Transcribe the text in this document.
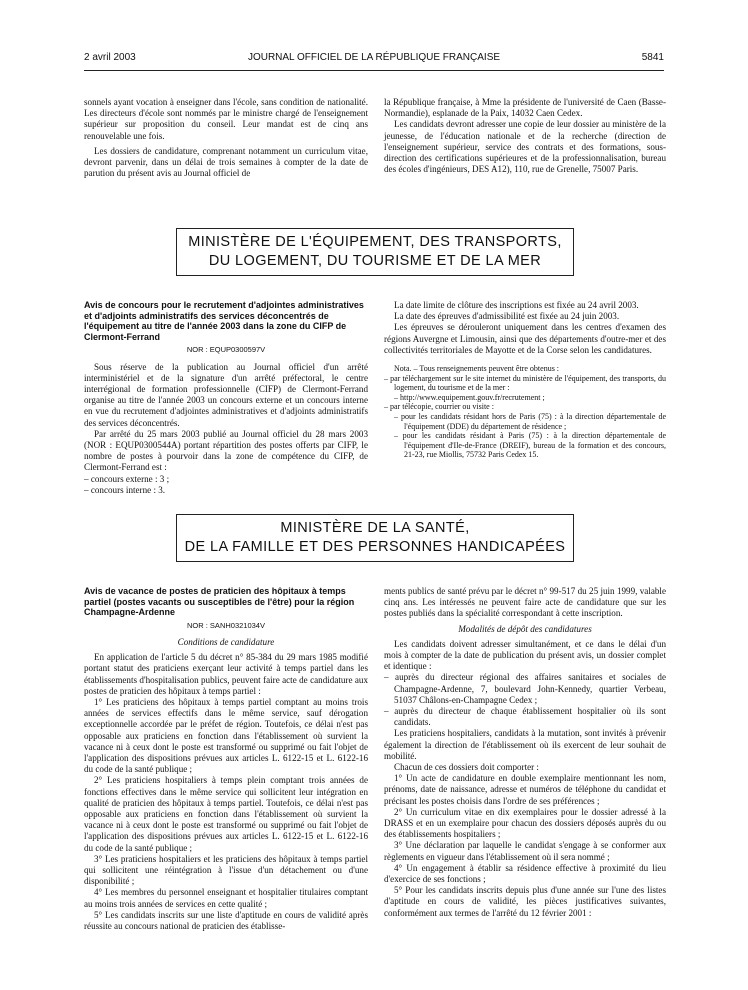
2 avril 2003	JOURNAL OFFICIEL DE LA RÉPUBLIQUE FRANÇAISE	5841

sonnels ayant vocation à enseigner dans l'école, sans condition de nationalité. Les directeurs d'école sont nommés par le ministre chargé de l'enseignement supérieur sur proposition du conseil. Leur mandat est de cinq ans renouvelable une fois.

Les dossiers de candidature, comprenant notamment un curriculum vitae, devront parvenir, dans un délai de trois semaines à compter de la date de parution du présent avis au Journal officiel de

la République française, à Mme la présidente de l'université de Caen (Basse-Normandie), esplanade de la Paix, 14032 Caen Cedex.

Les candidats devront adresser une copie de leur dossier au ministère de la jeunesse, de l'éducation nationale et de la recherche (direction de l'enseignement supérieur, service des contrats et des formations, sous-direction des certifications supérieures et de la professionnalisation, bureau des écoles d'ingénieurs, DES A12), 110, rue de Grenelle, 75007 Paris.

MINISTÈRE DE L'ÉQUIPEMENT, DES TRANSPORTS,
DU LOGEMENT, DU TOURISME ET DE LA MER
Avis de concours pour le recrutement d'adjointes administratives et d'adjoints administratifs des services déconcentrés de l'équipement au titre de l'année 2003 dans la zone du CIFP de Clermont-Ferrand
NOR : EQUP0300597V

Sous réserve de la publication au Journal officiel d'un arrêté interministériel et de la signature d'un arrêté préfectoral, le centre interrégional de formation professionnelle (CIFP) de Clermont-Ferrand organise au titre de l'année 2003 un concours externe et un concours interne en vue du recrutement d'adjointes administratives et d'adjoints administratifs des services déconcentrés.

Par arrêté du 25 mars 2003 publié au Journal officiel du 28 mars 2003 (NOR : EQUP0300544A) portant répartition des postes offerts par CIFP, le nombre de postes à pourvoir dans la zone de compétence du CIFP, de Clermont-Ferrand est :

– concours externe : 3 ;
– concours interne : 3.

La date limite de clôture des inscriptions est fixée au 24 avril 2003.

La date des épreuves d'admissibilité est fixée au 24 juin 2003.

Les épreuves se dérouleront uniquement dans les centres d'examen des régions Auvergne et Limousin, ainsi que des départements d'outre-mer et des collectivités territoriales de Mayotte et de la Corse selon les candidatures.

Nota. – Tous renseignements peuvent être obtenus :

– par téléchargement sur le site internet du ministère de l'équipement, des transports, du logement, du tourisme et de la mer :
– http://www.equipement.gouv.fr/recrutement ;
– par télécopie, courrier ou visite :
– pour les candidats résidant hors de Paris (75) : à la direction départementale de l'équipement (DDE) du département de résidence ;
– pour les candidats résidant à Paris (75) : à la direction départementale de l'équipement d'Ile-de-France (DREIF), bureau de la formation et des concours, 21-23, rue Miollis, 75732 Paris Cedex 15.
MINISTÈRE DE LA SANTÉ,
DE LA FAMILLE ET DES PERSONNES HANDICAPÉES
Avis de vacance de postes de praticien des hôpitaux à temps partiel (postes vacants ou susceptibles de l'être) pour la région Champagne-Ardenne
NOR : SANH0321034V

Conditions de candidature

En application de l'article 5 du décret n° 85-384 du 29 mars 1985 modifié portant statut des praticiens exerçant leur activité à temps partiel dans les établissements d'hospitalisation publics, peuvent faire acte de candidature aux postes de praticien des hôpitaux à temps partiel :

1° Les praticiens des hôpitaux à temps partiel comptant au moins trois années de services effectifs dans le même service, sauf dérogation exceptionnelle accordée par le préfet de région. Toutefois, ce délai n'est pas opposable aux praticiens en fonction dans l'établissement où survient la vacance ni à ceux dont le poste est transformé ou supprimé ou fait l'objet de l'application des dispositions prévues aux articles L. 6122-15 et L. 6122-16 du code de la santé publique ;

2° Les praticiens hospitaliers à temps plein comptant trois années de fonctions effectives dans le même service qui sollicitent leur intégration en qualité de praticien des hôpitaux à temps partiel. Toutefois, ce délai n'est pas opposable aux praticiens en fonction dans l'établissement où survient la vacance ni à ceux dont le poste est transformé ou supprimé ou fait l'objet de l'application des dispositions prévues aux articles L. 6122-15 et L. 6122-16 du code de la santé publique ;

3° Les praticiens hospitaliers et les praticiens des hôpitaux à temps partiel qui sollicitent une réintégration à l'issue d'un détachement ou d'une disponibilité ;

4° Les membres du personnel enseignant et hospitalier titulaires comptant au moins trois années de services en cette qualité ;

5° Les candidats inscrits sur une liste d'aptitude en cours de validité après réussite au concours national de praticien des établisse-

ments publics de santé prévu par le décret n° 99-517 du 25 juin 1999, valable cinq ans. Les intéressés ne peuvent faire acte de candidature que sur les postes publiés dans la spécialité correspondant à cette inscription.

Modalités de dépôt des candidatures

Les candidats doivent adresser simultanément, et ce dans le délai d'un mois à compter de la date de publication du présent avis, un dossier complet et identique :

– auprès du directeur régional des affaires sanitaires et sociales de Champagne-Ardenne, 7, boulevard John-Kennedy, quartier Verbeau, 51037 Châlons-en-Champagne Cedex ;
– auprès du directeur de chaque établissement hospitalier où ils sont candidats.

Les praticiens hospitaliers, candidats à la mutation, sont invités à prévenir également la direction de l'établissement où ils exercent de leur souhait de mobilité.

Chacun de ces dossiers doit comporter :

1° Un acte de candidature en double exemplaire mentionnant les nom, prénoms, date de naissance, adresse et numéros de téléphone du candidat et précisant les postes choisis dans l'ordre de ses préférences ;

2° Un curriculum vitae en dix exemplaires pour le dossier adressé à la DRASS et en un exemplaire pour chacun des dossiers déposés auprès du ou des établissements hospitaliers ;

3° Une déclaration par laquelle le candidat s'engage à se conformer aux règlements en vigueur dans l'établissement où il sera nommé ;

4° Un engagement à établir sa résidence effective à proximité du lieu d'exercice de ses fonctions ;

5° Pour les candidats inscrits depuis plus d'une année sur l'une des listes d'aptitude en cours de validité, les pièces justificatives suivantes, conformément aux termes de l'arrêté du 12 février 2001 :
